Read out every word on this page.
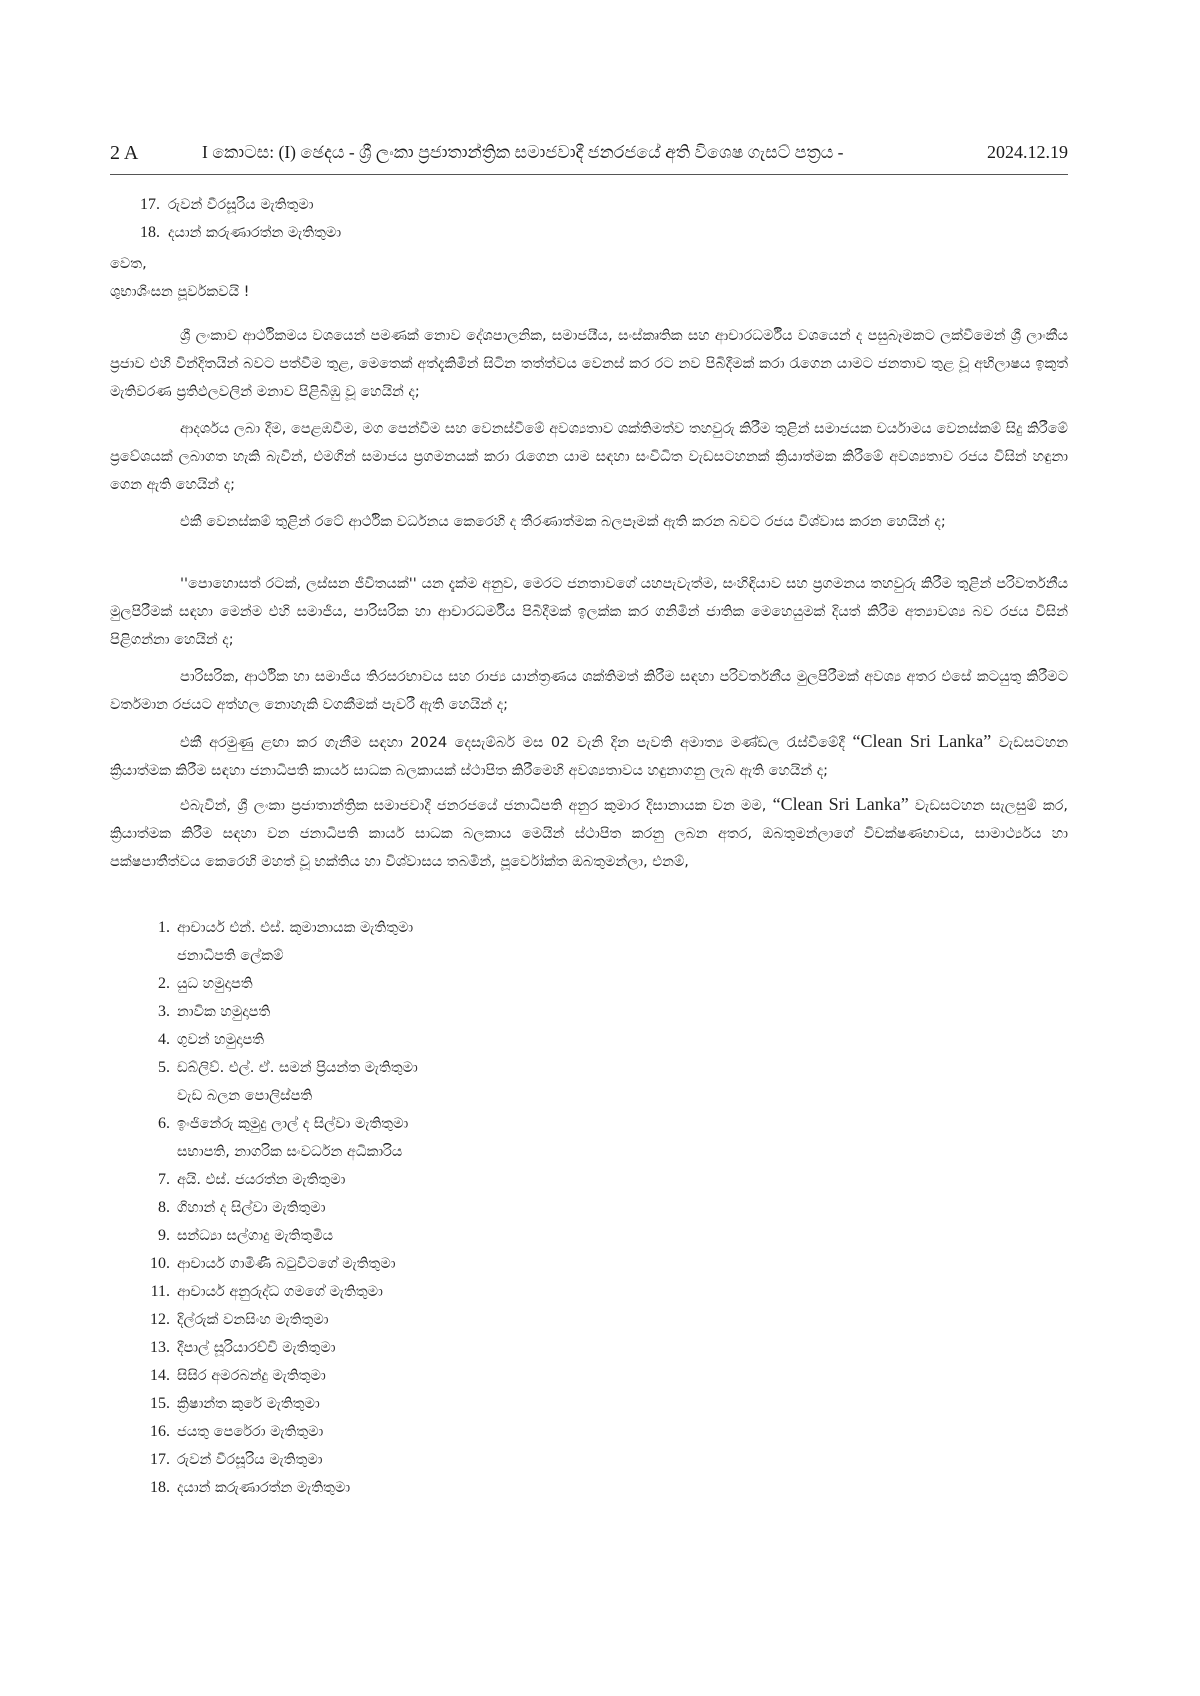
2 A	I කොටස: (I) ඡෙදය - ශ්‍රී ලංකා ප්‍රජාතාන්ත්‍රික සමාජවාදී ජනරජයේ අති විශෙෂ ගැසට් පත්‍රය -	2024.12.19
17. රුවන් වීරසූරිය මැතිතුමා
18. දයාන් කරුණාරත්න මැතිතුමා
වෙත,
ශුභාශිංසන පූර්වකවයි !
ශ්‍රී ලංකාව ආර්ථිකමය වශයෙන් පමණක් නොව දේශපාලනික, සමාජයීය, සංස්කෘතික සහ ආචාරධර්මීය වශයෙන් ද පසුබෑමකට ලක්වීමෙන් ශ්‍රී ලාංකීය ප්‍රජාව එහි වින්දිතයින් බවට පත්වීම තුළ, මෙතෙක් අත්දැකිමින් සිටින තත්ත්වය වෙනස් කර රට නව පිබිදීමක් කරා රැගෙන යාමට ජනතාව තුළ වූ අභිලාෂය ඉකුත් මැතිවරණ ප්‍රතිඵලවලින් මනාව පිළිබිඹු වූ හෙයින් ද;
ආදර්ශය ලබා දීම, පෙළඹවීම, මග පෙන්වීම සහ වෙනස්වීමේ අවශ්‍යතාව ශක්තිමත්ව තහවුරු කිරීම තුළින් සමාජයක චර්යාමය වෙනස්කම් සිදු කිරීමේ ප්‍රවේශයක් ලබාගත හැකි බැවින්, එමගින් සමාජය ප්‍රගමනයක් කරා රැගෙන යාම සඳහා සංවිධිත වැඩසටහනක් ක්‍රියාත්මක කිරීමේ අවශ්‍යතාව රජය විසින් හඳුනා ගෙන ඇති හෙයින් ද;
එකී වෙනස්කම් තුළින් රටේ ආර්ථික වර්ධනය කෙරෙහි ද තීරණාත්මක බලපෑමක් ඇති කරන බවට රජය විශ්වාස කරන හෙයින් ද;
''පොහොසත් රටක්, ලස්සන ජීවිතයක්'' යන දැක්ම අනුව, මෙරට ජනතාවගේ යහපැවැත්ම, සංහිඳියාව සහ ප්‍රගමනය තහවුරු කිරීම තුළින් පරිවර්තනීය මුලපිරීමක් සඳහා මෙන්ම එහි සමාජීය, පාරිසරික හා ආචාරධර්මීය පිබිදීමක් ඉලක්ක කර ගනිමින් ජාතික මෙහෙයුමක් දියත් කිරීම අත්‍යාවශ්‍ය බව රජය විසින් පිළිගන්නා හෙයින් ද;
පාරිසරික, ආර්ථික හා සමාජීය තිරසරභාවය සහ රාජ්‍ය යාන්ත්‍රණය ශක්තිමත් කිරීම සඳහා පරිවර්තනීය මුලපිරීමක් අවශ්‍ය අතර එසේ කටයුතු කිරීමට වර්තමාන රජයට අත්හල නොහැකි වගකීමක් පැවරී ඇති හෙයින් ද;
එකී අරමුණු ළඟා කර ගැනීම සඳහා 2024 දෙසැම්බර් මස 02 වැනි දින පැවති අමාත්‍ය මණ්ඩල රැස්වීමේදී “Clean Sri Lanka” වැඩසටහන ක්‍රියාත්මක කිරීම සඳහා ජනාධිපති කාර්ය සාධක බලකායක් ස්ථාපිත කිරීමෙහි අවශ්‍යතාවය හඳුනාගනු ලැබ ඇති හෙයින් ද;
එබැවින්, ශ්‍රී ලංකා ප්‍රජාතාන්ත්‍රික සමාජවාදී ජනරජයේ ජනාධිපති අනුර කුමාර දිසානායක වන මම, “Clean Sri Lanka” වැඩසටහන සැලසුම් කර, ක්‍රියාත්මක කිරීම සඳහා වන ජනාධිපති කාර්ය සාධක බලකාය මෙයින් ස්ථාපිත කරනු ලබන අතර, ඔබතුමන්ලාගේ විචක්ෂණභාවය, සාමාර්ථ්‍යය හා පක්ෂපාතීත්වය කෙරෙහි මහත් වූ භක්තිය හා විශ්වාසය තබමින්, පූර්වෝක්ත ඔබතුමන්ලා, එනම්,
1. ආචාර්ය එන්. එස්. කුමානායක මැතිතුමා
ජනාධිපති ලේකම්
2. යුධ හමුදාපති
3. නාවික හමුදාපති
4. ගුවන් හමුදාපති
5. ඩබ්ලිව්. එල්. ඒ. සමන් ප්‍රියන්ත මැතිතුමා
වැඩ බලන පොලිස්පති
6. ඉංජිනේරු කුමුදු ලාල් ද සිල්වා මැතිතුමා
සභාපති, නාගරික සංවර්ධන අධිකාරිය
7. අයි. එස්. ජයරත්න මැතිතුමා
8. ගිහාන් ද සිල්වා මැතිතුමා
9. සන්ධ්‍යා සල්ගාදු මැතිතුමිය
10. ආචාර්ය ගාමිණී බටුවිටගේ මැතිතුමා
11. ආචාර්ය අනුරුද්ධ ගමගේ මැතිතුමා
12. දිල්රුක් වනසිංහ මැතිතුමා
13. දීපාල් සූරියාරච්චි මැතිතුමා
14. සිසිර අමරබන්දු මැතිතුමා
15. ක්‍රිෂාන්ත කුරේ මැතිතුමා
16. ජයතු පෙරේරා මැතිතුමා
17. රුවන් වීරසූරිය මැතිතුමා
18. දයාන් කරුණාරත්න මැතිතුමා
